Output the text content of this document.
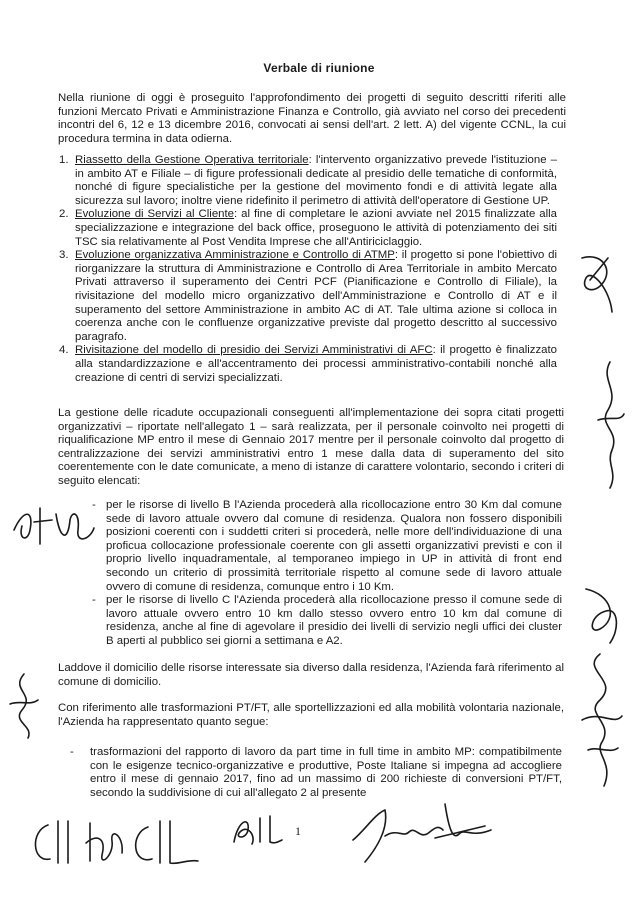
Verbale di riunione
Nella riunione di oggi è proseguito l'approfondimento dei progetti di seguito descritti riferiti alle funzioni Mercato Privati e Amministrazione Finanza e Controllo, già avviato nel corso dei precedenti incontri del 6, 12 e 13 dicembre 2016, convocati ai sensi dell'art. 2 lett. A) del vigente CCNL, la cui procedura termina in data odierna.
1. Riassetto della Gestione Operativa territoriale: l'intervento organizzativo prevede l'istituzione – in ambito AT e Filiale – di figure professionali dedicate al presidio delle tematiche di conformità, nonché di figure specialistiche per la gestione del movimento fondi e di attività legate alla sicurezza sul lavoro; inoltre viene ridefinito il perimetro di attività dell'operatore di Gestione UP.
2. Evoluzione di Servizi al Cliente: al fine di completare le azioni avviate nel 2015 finalizzate alla specializzazione e integrazione del back office, proseguono le attività di potenziamento dei siti TSC sia relativamente al Post Vendita Imprese che all'Antiriciclaggio.
3. Evoluzione organizzativa Amministrazione e Controllo di ATMP: il progetto si pone l'obiettivo di riorganizzare la struttura di Amministrazione e Controllo di Area Territoriale in ambito Mercato Privati attraverso il superamento dei Centri PCF (Pianificazione e Controllo di Filiale), la rivisitazione del modello micro organizzativo dell'Amministrazione e Controllo di AT e il superamento del settore Amministrazione in ambito AC di AT. Tale ultima azione si colloca in coerenza anche con le confluenze organizzative previste dal progetto descritto al successivo paragrafo.
4. Rivisitazione del modello di presidio dei Servizi Amministrativi di AFC: il progetto è finalizzato alla standardizzazione e all'accentramento dei processi amministrativo-contabili nonché alla creazione di centri di servizi specializzati.
La gestione delle ricadute occupazionali conseguenti all'implementazione dei sopra citati progetti organizzativi – riportate nell'allegato 1 – sarà realizzata, per il personale coinvolto nei progetti di riqualificazione MP entro il mese di Gennaio 2017 mentre per il personale coinvolto dal progetto di centralizzazione dei servizi amministrativi entro 1 mese dalla data di superamento del sito coerentemente con le date comunicate, a meno di istanze di carattere volontario, secondo i criteri di seguito elencati:
- per le risorse di livello B l'Azienda procederà alla ricollocazione entro 30 Km dal comune sede di lavoro attuale ovvero dal comune di residenza. Qualora non fossero disponibili posizioni coerenti con i suddetti criteri si procederà, nelle more dell'individuazione di una proficua collocazione professionale coerente con gli assetti organizzativi previsti e con il proprio livello inquadramentale, al temporaneo impiego in UP in attività di front end secondo un criterio di prossimità territoriale rispetto al comune sede di lavoro attuale ovvero di comune di residenza, comunque entro i 10 Km.
- per le risorse di livello C l'Azienda procederà alla ricollocazione presso il comune sede di lavoro attuale ovvero entro 10 km dallo stesso ovvero entro 10 km dal comune di residenza, anche al fine di agevolare il presidio dei livelli di servizio negli uffici dei cluster B aperti al pubblico sei giorni a settimana e A2.
Laddove il domicilio delle risorse interessate sia diverso dalla residenza, l'Azienda farà riferimento al comune di domicilio.
Con riferimento alle trasformazioni PT/FT, alle sportellizzazioni ed alla mobilità volontaria nazionale, l'Azienda ha rappresentato quanto segue:
- trasformazioni del rapporto di lavoro da part time in full time in ambito MP: compatibilmente con le esigenze tecnico-organizzative e produttive, Poste Italiane si impegna ad accogliere entro il mese di gennaio 2017, fino ad un massimo di 200 richieste di conversioni PT/FT, secondo la suddivisione di cui all'allegato 2 al presente
1
